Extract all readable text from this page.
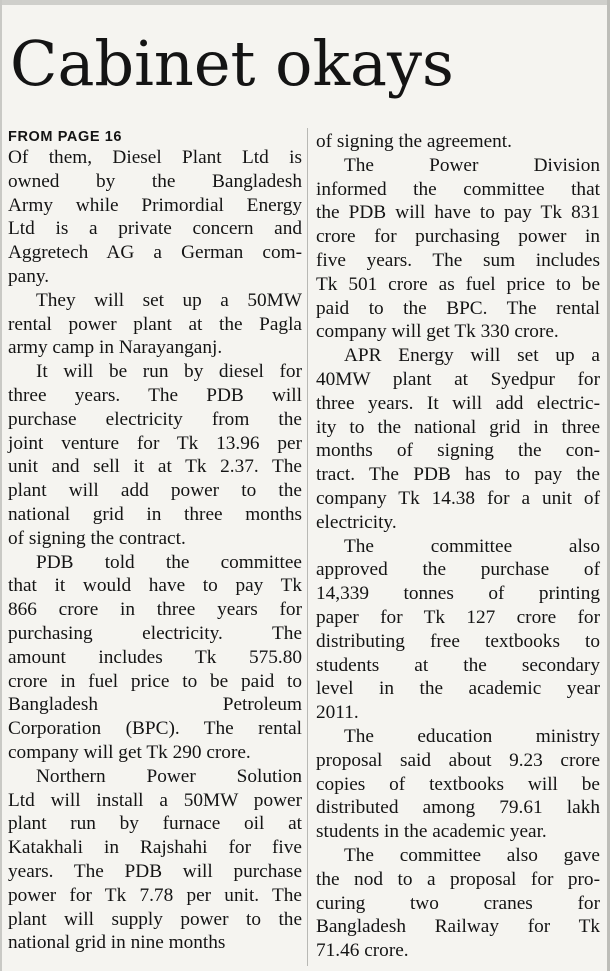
Cabinet okays
FROM PAGE 16

Of them, Diesel Plant Ltd is
owned by the Bangladesh
Army while Primordial Energy
Ltd is a private concern and
Aggretech AG a German com-
pany.

They will set up a 50MW
rental power plant at the Pagla
army camp in Narayanganj.

It will be run by diesel for
three years. The PDB will
purchase electricity from the
joint venture for Tk 13.96 per
unit and sell it at Tk 2.37. The
plant will add power to the
national grid in three months
of signing the contract.

PDB told the committee
that it would have to pay Tk
866 crore in three years for
purchasing electricity. The
amount includes Tk 575.80
crore in fuel price to be paid to
Bangladesh Petroleum
Corporation (BPC). The rental
company will get Tk 290 crore.

Northern Power Solution
Ltd will install a 50MW power
plant run by furnace oil at
Katakhali in Rajshahi for five
years. The PDB will purchase
power for Tk 7.78 per unit. The
plant will supply power to the
national grid in nine months

of signing the agreement.

The Power Division
informed the committee that
the PDB will have to pay Tk 831
crore for purchasing power in
five years. The sum includes
Tk 501 crore as fuel price to be
paid to the BPC. The rental
company will get Tk 330 crore.

APR Energy will set up a
40MW plant at Syedpur for
three years. It will add electric-
ity to the national grid in three
months of signing the con-
tract. The PDB has to pay the
company Tk 14.38 for a unit of
electricity.

The committee also
approved the purchase of
14,339 tonnes of printing
paper for Tk 127 crore for
distributing free textbooks to
students at the secondary
level in the academic year
2011.

The education ministry
proposal said about 9.23 crore
copies of textbooks will be
distributed among 79.61 lakh
students in the academic year.

The committee also gave
the nod to a proposal for pro-
curing two cranes for
Bangladesh Railway for Tk
71.46 crore.
